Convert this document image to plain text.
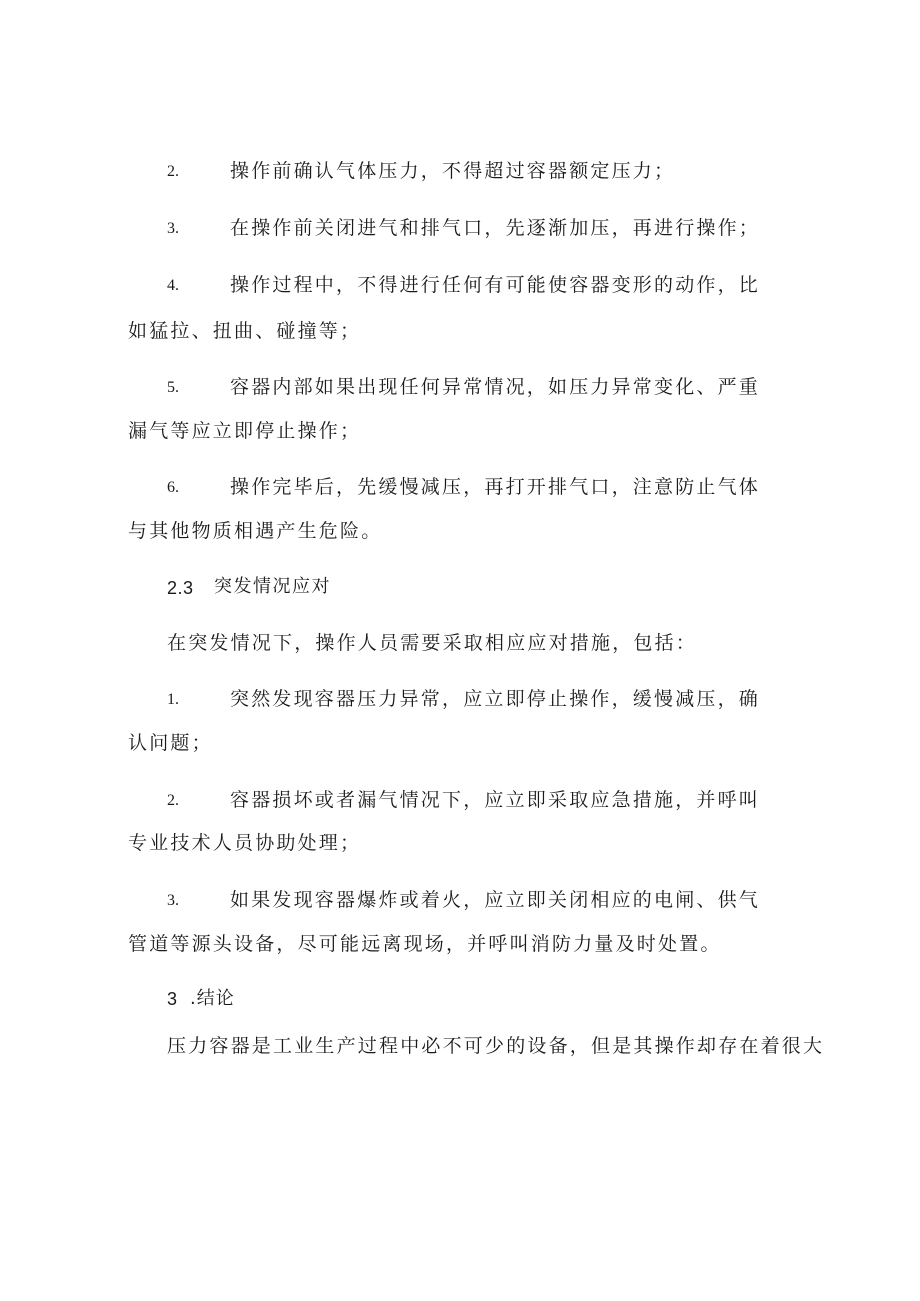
2.	操作前确认气体压力，不得超过容器额定压力；
3.	在操作前关闭进气和排气口，先逐渐加压，再进行操作；
4.	操作过程中，不得进行任何有可能使容器变形的动作，比
如猛拉、扭曲、碰撞等；
5.	容器内部如果出现任何异常情况，如压力异常变化、严重
漏气等应立即停止操作；
6.	操作完毕后，先缓慢减压，再打开排气口，注意防止气体
与其他物质相遇产生危险。
2.3 突发情况应对
在突发情况下，操作人员需要采取相应应对措施，包括：
1.	突然发现容器压力异常，应立即停止操作，缓慢减压，确
认问题；
2.	容器损坏或者漏气情况下，应立即采取应急措施，并呼叫
专业技术人员协助处理；
3.	如果发现容器爆炸或着火，应立即关闭相应的电闸、供气
管道等源头设备，尽可能远离现场，并呼叫消防力量及时处置。
3 .结论
压力容器是工业生产过程中必不可少的设备，但是其操作却存在着很大
